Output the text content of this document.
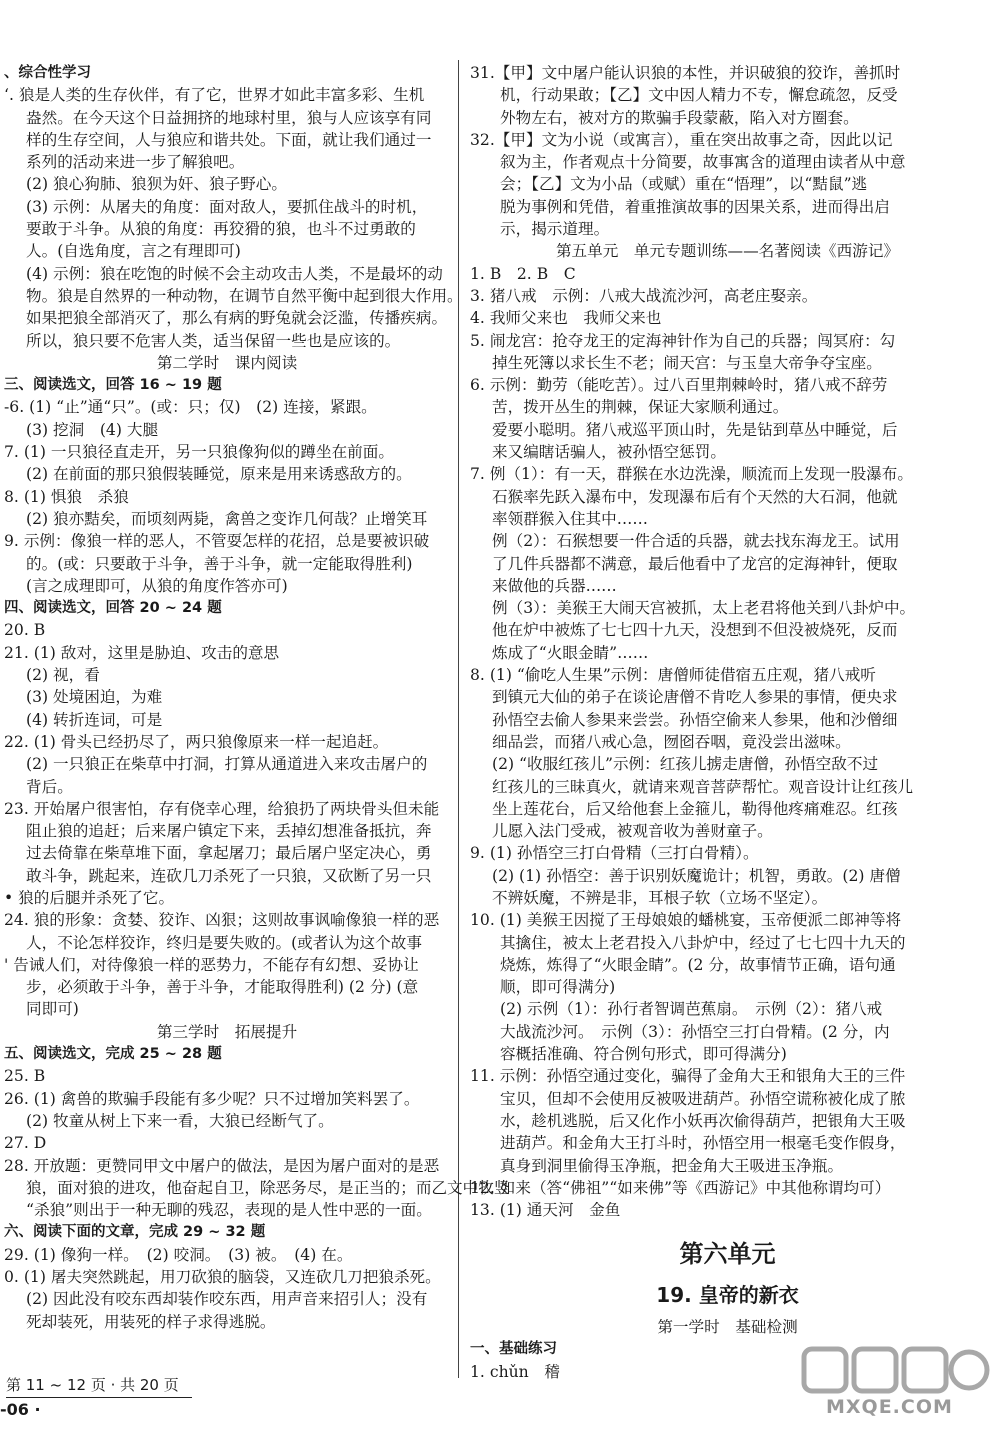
、综合性学习
‘. 狼是人类的生存伙伴，有了它，世界才如此丰富多彩、生机
盎然。在今天这个日益拥挤的地球村里，狼与人应该享有同
样的生存空间，人与狼应和谐共处。下面，就让我们通过一
系列的活动来进一步了解狼吧。
(2) 狼心狗肺、狼狈为奸、狼子野心。
(3) 示例：从屠夫的角度：面对敌人，要抓住战斗的时机，
要敢于斗争。从狼的角度：再狡猾的狼，也斗不过勇敢的
人。(自选角度，言之有理即可)
(4) 示例：狼在吃饱的时候不会主动攻击人类，不是最坏的动
物。狼是自然界的一种动物，在调节自然平衡中起到很大作用。
如果把狼全部消灭了，那么有病的野兔就会泛滥，传播疾病。
所以，狼只要不危害人类，适当保留一些也是应该的。
第二学时　课内阅读
三、阅读选文，回答 16 ~ 19 题
-6. (1) “止”通“只”。(或：只；仅)　(2) 连接，紧跟。
(3) 挖洞　(4) 大腿
7. (1) 一只狼径直走开，另一只狼像狗似的蹲坐在前面。
(2) 在前面的那只狼假装睡觉，原来是用来诱惑敌方的。
8. (1) 惧狼　杀狼
(2) 狼亦黠矣，而顷刻两毙，禽兽之变诈几何哉？止增笑耳
9. 示例：像狼一样的恶人，不管耍怎样的花招，总是要被识破
的。(或：只要敢于斗争，善于斗争，就一定能取得胜利)
(言之成理即可，从狼的角度作答亦可)
四、阅读选文，回答 20 ~ 24 题
20. B
21. (1) 敌对，这里是胁迫、攻击的意思
(2) 视，看
(3) 处境困迫，为难
(4) 转折连词，可是
22. (1) 骨头已经扔尽了，两只狼像原来一样一起追赶。
(2) 一只狼正在柴草中打洞，打算从通道进入来攻击屠户的
背后。
23. 开始屠户很害怕，存有侥幸心理，给狼扔了两块骨头但未能
阻止狼的追赶；后来屠户镇定下来，丢掉幻想准备抵抗，奔
过去倚靠在柴草堆下面，拿起屠刀；最后屠户坚定决心，勇
敢斗争，跳起来，连砍几刀杀死了一只狼，又砍断了另一只
• 狼的后腿并杀死了它。
24. 狼的形象：贪婪、狡诈、凶狠；这则故事讽喻像狼一样的恶
人，不论怎样狡诈，终归是要失败的。(或者认为这个故事
' 告诫人们，对待像狼一样的恶势力，不能存有幻想、妥协让
步，必须敢于斗争，善于斗争，才能取得胜利) (2 分) (意
同即可)
第三学时　拓展提升
五、阅读选文，完成 25 ~ 28 题
25. B
26. (1) 禽兽的欺骗手段能有多少呢？只不过增加笑料罢了。
(2) 牧童从树上下来一看，大狼已经断气了。
27. D
28. 开放题：更赞同甲文中屠户的做法，是因为屠户面对的是恶
狼，面对狼的进攻，他奋起自卫，除恶务尽，是正当的；而乙文中牧竖
“杀狼”则出于一种无聊的残忍，表现的是人性中恶的一面。
六、阅读下面的文章，完成 29 ~ 32 题
29. (1) 像狗一样。　(2) 咬洞。　(3) 被。　(4) 在。
0. (1) 屠夫突然跳起，用刀砍狼的脑袋，又连砍几刀把狼杀死。
(2) 因此没有咬东西却装作咬东西，用声音来招引人；没有
死却装死，用装死的样子求得逃脱。
31.【甲】文中屠户能认识狼的本性，并识破狼的狡诈，善抓时
机，行动果敢；【乙】文中因人精力不专，懈怠疏忽，反受
外物左右，被对方的欺骗手段蒙蔽，陷入对方圈套。
32.【甲】文为小说（或寓言），重在突出故事之奇，因此以记
叙为主，作者观点十分简要，故事寓含的道理由读者从中意
会；【乙】文为小品（或赋）重在“悟理”，以“黠鼠”逃
脱为事例和凭借，着重推演故事的因果关系，进而得出启
示，揭示道理。
第五单元　单元专题训练——名著阅读《西游记》
1. B　2. B　C
3. 猪八戒　示例：八戒大战流沙河，高老庄娶亲。
4. 我师父来也　我师父来也
5. 闹龙宫：抢夺龙王的定海神针作为自己的兵器；闯冥府：勾
掉生死簿以求长生不老；闹天宫：与玉皇大帝争夺宝座。
6. 示例：勤劳（能吃苦）。过八百里荆棘岭时，猪八戒不辞劳
苦，拨开丛生的荆棘，保证大家顺利通过。
爱要小聪明。猪八戒巡平顶山时，先是钻到草丛中睡觉，后
来又编瞎话骗人，被孙悟空惩罚。
7. 例（1）：有一天，群猴在水边洗澡，顺流而上发现一股瀑布。
石猴率先跃入瀑布中，发现瀑布后有个天然的大石洞，他就
率领群猴入住其中……
例（2）：石猴想要一件合适的兵器，就去找东海龙王。试用
了几件兵器都不满意，最后他看中了龙宫的定海神针，便取
来做他的兵器……
例（3）：美猴王大闹天宫被抓，太上老君将他关到八卦炉中。
他在炉中被炼了七七四十九天，没想到不但没被烧死，反而
炼成了“火眼金睛”……
8. (1) “偷吃人生果”示例：唐僧师徒借宿五庄观，猪八戒听
到镇元大仙的弟子在谈论唐僧不肯吃人参果的事情，便央求
孙悟空去偷人参果来尝尝。孙悟空偷来人参果，他和沙僧细
细品尝，而猪八戒心急，囫囵吞咽，竟没尝出滋味。
(2) “收服红孩儿”示例：红孩儿掳走唐僧，孙悟空敌不过
红孩儿的三昧真火，就请来观音菩萨帮忙。观音设计让红孩儿
坐上莲花台，后又给他套上金箍儿，勒得他疼痛难忍。红孩
儿愿入法门受戒，被观音收为善财童子。
9. (1) 孙悟空三打白骨精（三打白骨精）。
(2) (1) 孙悟空：善于识别妖魔诡计；机智，勇敢。(2) 唐僧
不辨妖魔，不辨是非，耳根子软（立场不坚定）。
10. (1) 美猴王因搅了王母娘娘的蟠桃宴，玉帝便派二郎神等将
其擒住，被太上老君投入八卦炉中，经过了七七四十九天的
烧炼，炼得了“火眼金睛”。(2 分，故事情节正确，语句通
顺，即可得满分)
(2) 示例（1）：孙行者智调芭蕉扇。　示例（2）：猪八戒
大战流沙河。　示例（3）：孙悟空三打白骨精。(2 分，内
容概括准确、符合例句形式，即可得满分)
11. 示例：孙悟空通过变化，骗得了金角大王和银角大王的三件
宝贝，但却不会使用反被吸进葫芦。孙悟空谎称被化成了脓
水，趁机逃脱，后又化作小妖再次偷得葫芦，把银角大王吸
进葫芦。和金角大王打斗时，孙悟空用一根毫毛变作假身，
真身到洞里偷得玉净瓶，把金角大王吸进玉净瓶。
12. 如来（答“佛祖”“如来佛”等《西游记》中其他称谓均可）
13. (1) 通天河　金鱼
第六单元
19. 皇帝的新衣
第一学时　基础检测
一、基础练习
1. chǔn　稽
第 11 ~ 12 页 · 共 20 页
-06 ·	MXQE.COM
